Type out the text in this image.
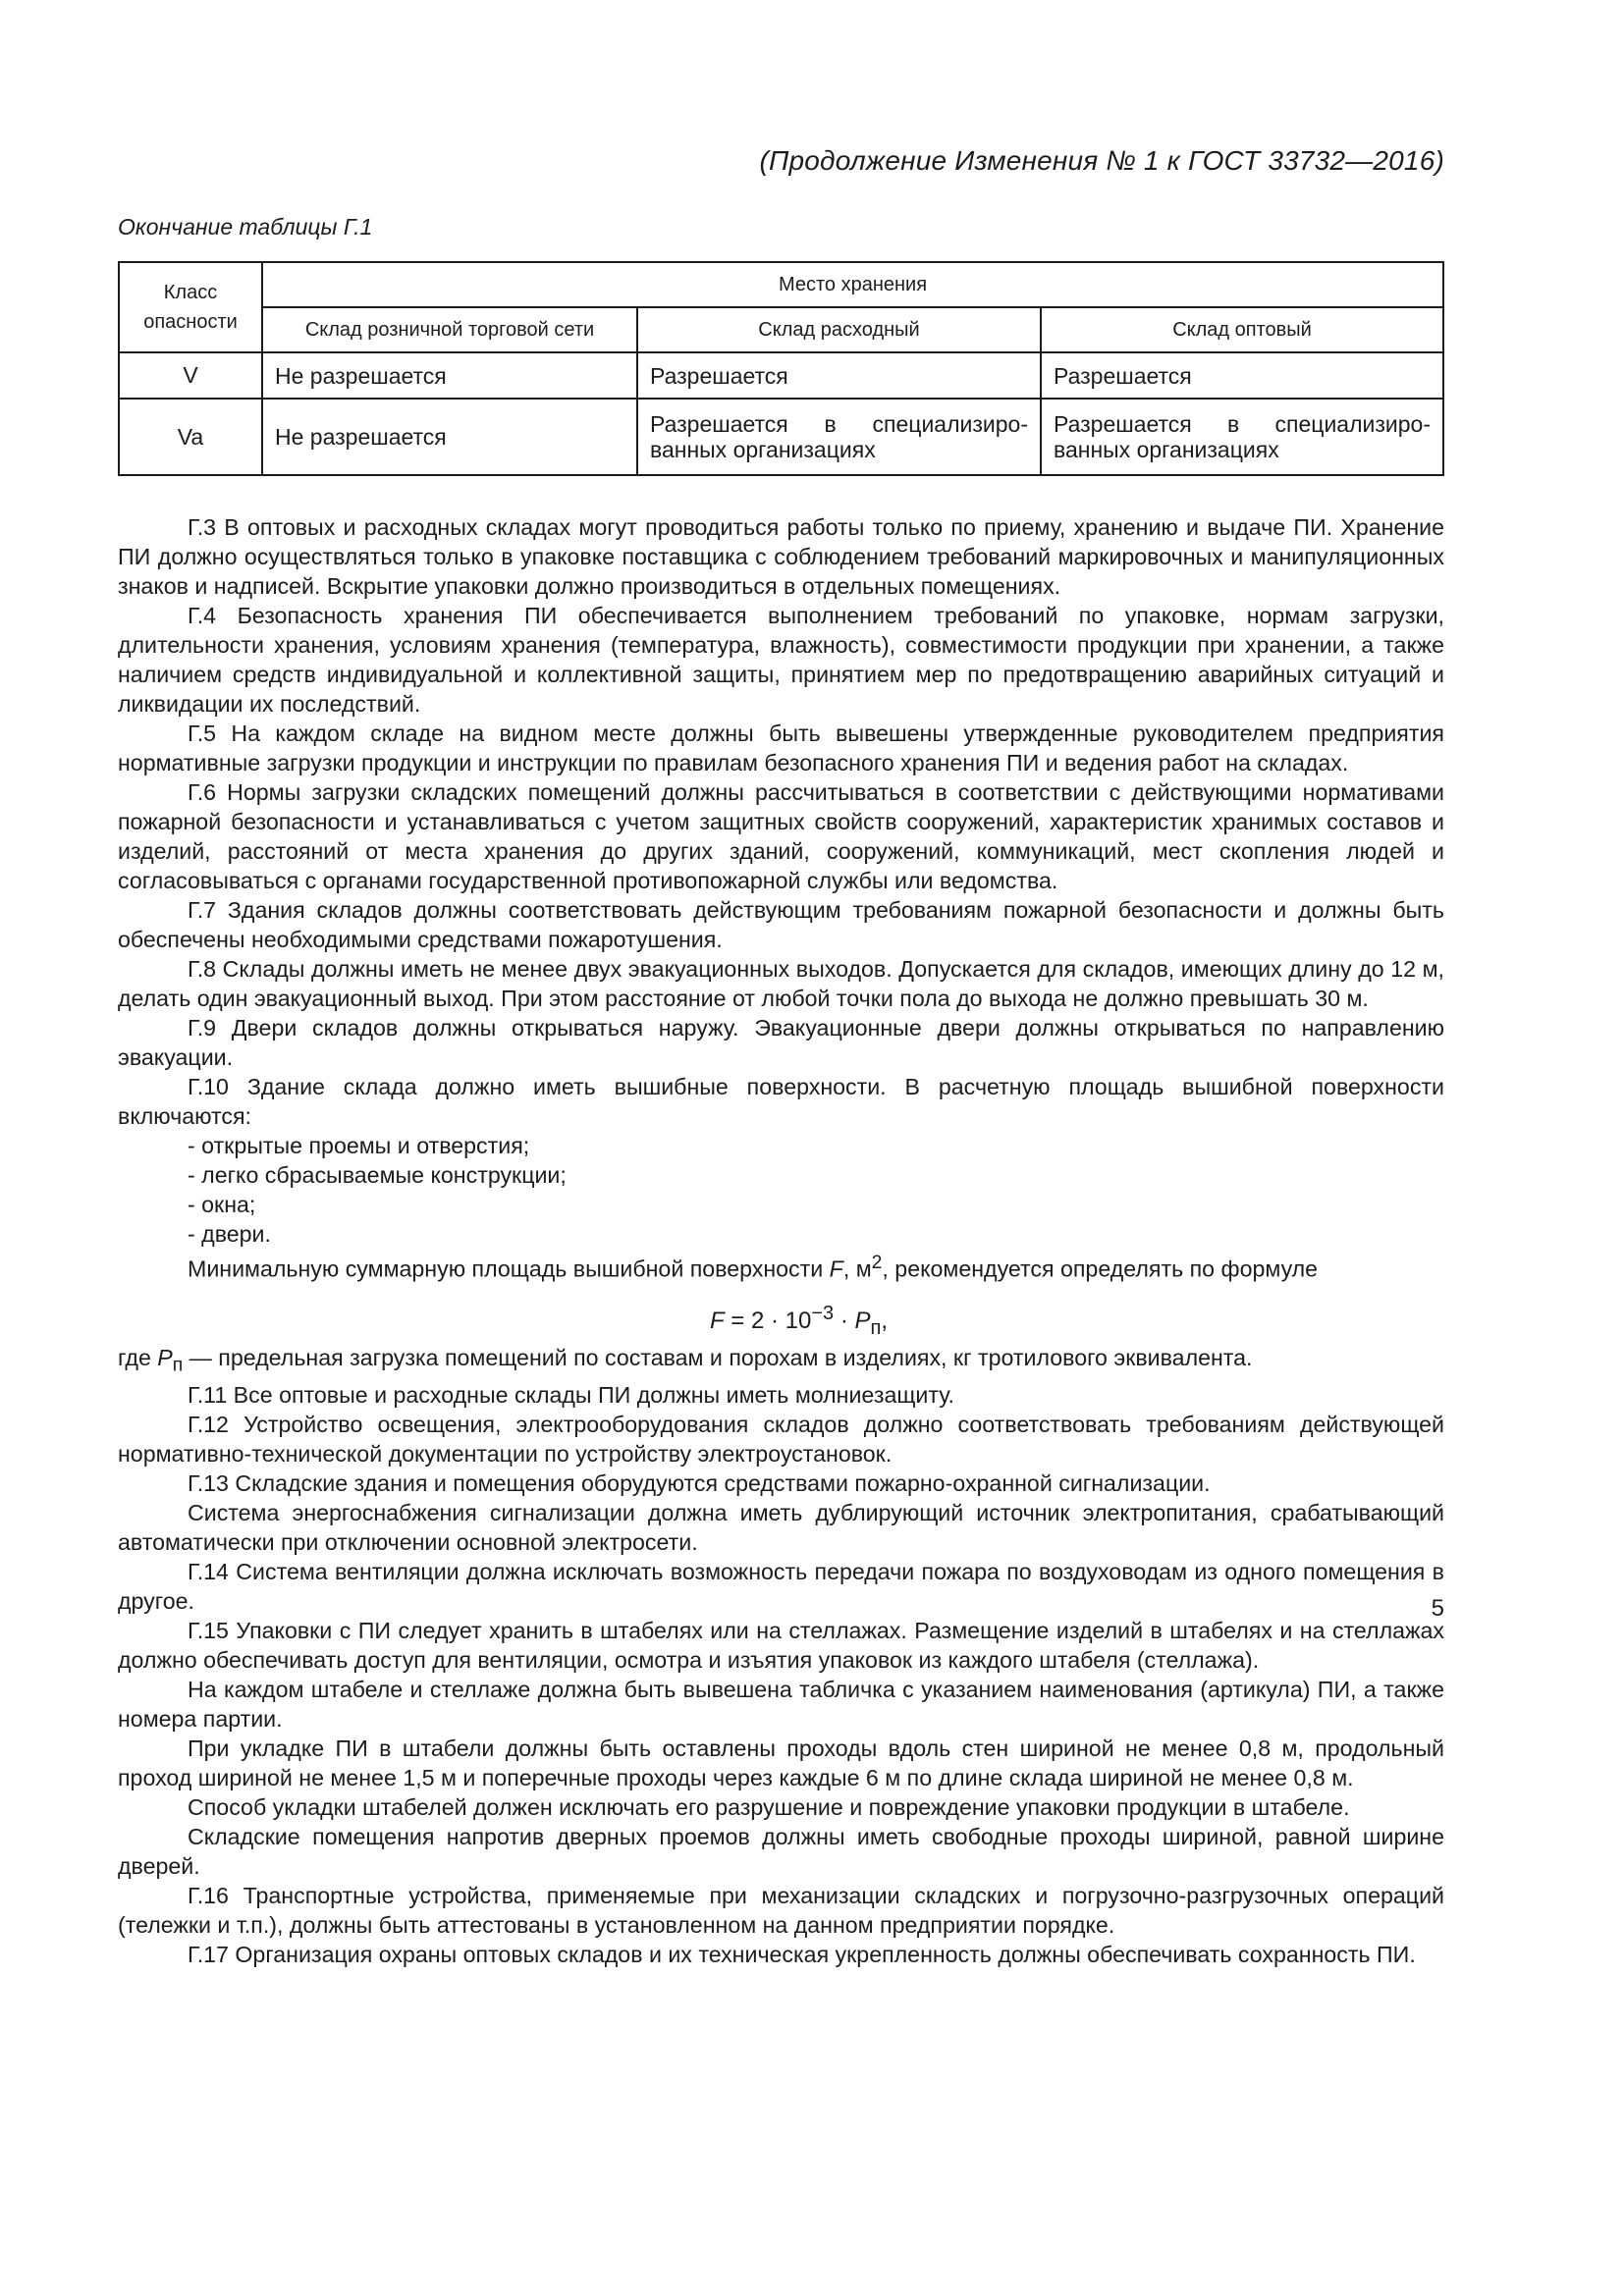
(Продолжение Изменения № 1 к ГОСТ 33732—2016)
Окончание таблицы Г.1
Класс опасности	Место хранения		
	Склад розничной торговой сети	Склад расходный	Склад оптовый
V	Не разрешается	Разрешается	Разрешается
Va	Не разрешается	Разрешается в специализиро-ванных организациях	Разрешается в специализиро-ванных организациях

Г.3 В оптовых и расходных складах могут проводиться работы только по приему, хранению и выдаче ПИ. Хранение ПИ должно осуществляться только в упаковке поставщика с соблюдением требований маркировочных и манипуляционных знаков и надписей. Вскрытие упаковки должно производиться в отдельных помещениях.

Г.4 Безопасность хранения ПИ обеспечивается выполнением требований по упаковке, нормам загрузки, длительности хранения, условиям хранения (температура, влажность), совместимости продукции при хранении, а также наличием средств индивидуальной и коллективной защиты, принятием мер по предотвращению аварийных ситуаций и ликвидации их последствий.

Г.5 На каждом складе на видном месте должны быть вывешены утвержденные руководителем предприятия нормативные загрузки продукции и инструкции по правилам безопасного хранения ПИ и ведения работ на складах.

Г.6 Нормы загрузки складских помещений должны рассчитываться в соответствии с действующими нормативами пожарной безопасности и устанавливаться с учетом защитных свойств сооружений, характеристик хранимых составов и изделий, расстояний от места хранения до других зданий, сооружений, коммуникаций, мест скопления людей и согласовываться с органами государственной противопожарной службы или ведомства.

Г.7 Здания складов должны соответствовать действующим требованиям пожарной безопасности и должны быть обеспечены необходимыми средствами пожаротушения.

Г.8 Склады должны иметь не менее двух эвакуационных выходов. Допускается для складов, имеющих длину до 12 м, делать один эвакуационный выход. При этом расстояние от любой точки пола до выхода не должно превышать 30 м.

Г.9 Двери складов должны открываться наружу. Эвакуационные двери должны открываться по направлению эвакуации.

Г.10 Здание склада должно иметь вышибные поверхности. В расчетную площадь вышибной поверхности включаются:

- открытые проемы и отверстия;

- легко сбрасываемые конструкции;

- окна;

- двери.

Минимальную суммарную площадь вышибной поверхности F, $м^2$, рекомендуется определять по формуле

$F = 2 \cdot 10^{-3} \cdot P_п$,

где $P_п$ — предельная загрузка помещений по составам и порохам в изделиях, кг тротилового эквивалента.

Г.11 Все оптовые и расходные склады ПИ должны иметь молниезащиту.

Г.12 Устройство освещения, электрооборудования складов должно соответствовать требованиям действующей нормативно-технической документации по устройству электроустановок.

Г.13 Складские здания и помещения оборудуются средствами пожарно-охранной сигнализации.

Система энергоснабжения сигнализации должна иметь дублирующий источник электропитания, срабатывающий автоматически при отключении основной электросети.

Г.14 Система вентиляции должна исключать возможность передачи пожара по воздуховодам из одного помещения в другое.

Г.15 Упаковки с ПИ следует хранить в штабелях или на стеллажах. Размещение изделий в штабелях и на стеллажах должно обеспечивать доступ для вентиляции, осмотра и изъятия упаковок из каждого штабеля (стеллажа).

На каждом штабеле и стеллаже должна быть вывешена табличка с указанием наименования (артикула) ПИ, а также номера партии.

При укладке ПИ в штабели должны быть оставлены проходы вдоль стен шириной не менее 0,8 м, продольный проход шириной не менее 1,5 м и поперечные проходы через каждые 6 м по длине склада шириной не менее 0,8 м.

Способ укладки штабелей должен исключать его разрушение и повреждение упаковки продукции в штабеле.

Складские помещения напротив дверных проемов должны иметь свободные проходы шириной, равной ширине дверей.

Г.16 Транспортные устройства, применяемые при механизации складских и погрузочно-разгрузочных операций (тележки и т.п.), должны быть аттестованы в установленном на данном предприятии порядке.

Г.17 Организация охраны оптовых складов и их техническая укрепленность должны обеспечивать сохранность ПИ.

5
